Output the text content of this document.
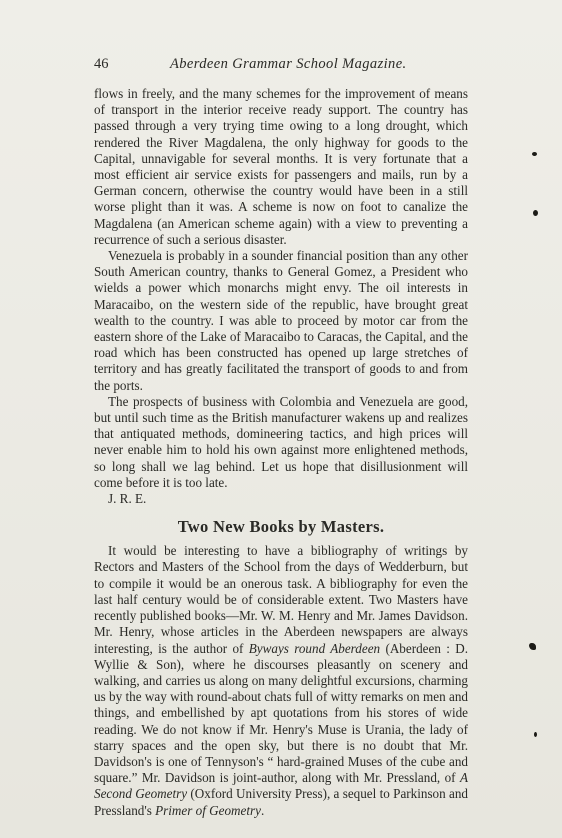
46	Aberdeen Grammar School Magazine.

flows in freely, and the many schemes for the improvement of means of transport in the interior receive ready support. The country has passed through a very trying time owing to a long drought, which rendered the River Magdalena, the only highway for goods to the Capital, unnavigable for several months. It is very fortunate that a most efficient air service exists for passengers and mails, run by a German concern, otherwise the country would have been in a still worse plight than it was. A scheme is now on foot to canalize the Magdalena (an American scheme again) with a view to preventing a recurrence of such a serious disaster.

Venezuela is probably in a sounder financial position than any other South American country, thanks to General Gomez, a President who wields a power which monarchs might envy. The oil interests in Maracaibo, on the western side of the republic, have brought great wealth to the country. I was able to proceed by motor car from the eastern shore of the Lake of Maracaibo to Caracas, the Capital, and the road which has been constructed has opened up large stretches of territory and has greatly facilitated the transport of goods to and from the ports.

The prospects of business with Colombia and Venezuela are good, but until such time as the British manufacturer wakens up and realizes that antiquated methods, domineering tactics, and high prices will never enable him to hold his own against more enlightened methods, so long shall we lag behind. Let us hope that disillusionment will come before it is too late.

J. R. E.

Two New Books by Masters.

It would be interesting to have a bibliography of writings by Rectors and Masters of the School from the days of Wedderburn, but to compile it would be an onerous task. A bibliography for even the last half century would be of considerable extent. Two Masters have recently published books—Mr. W. M. Henry and Mr. James Davidson. Mr. Henry, whose articles in the Aberdeen newspapers are always interesting, is the author of Byways round Aberdeen (Aberdeen : D. Wyllie & Son), where he discourses pleasantly on scenery and walking, and carries us along on many delightful excursions, charming us by the way with round-about chats full of witty remarks on men and things, and embellished by apt quotations from his stores of wide reading. We do not know if Mr. Henry's Muse is Urania, the lady of starry spaces and the open sky, but there is no doubt that Mr. Davidson's is one of Tennyson's “ hard-grained Muses of the cube and square.” Mr. Davidson is joint-author, along with Mr. Pressland, of A Second Geometry (Oxford University Press), a sequel to Parkinson and Pressland's Primer of Geometry.
